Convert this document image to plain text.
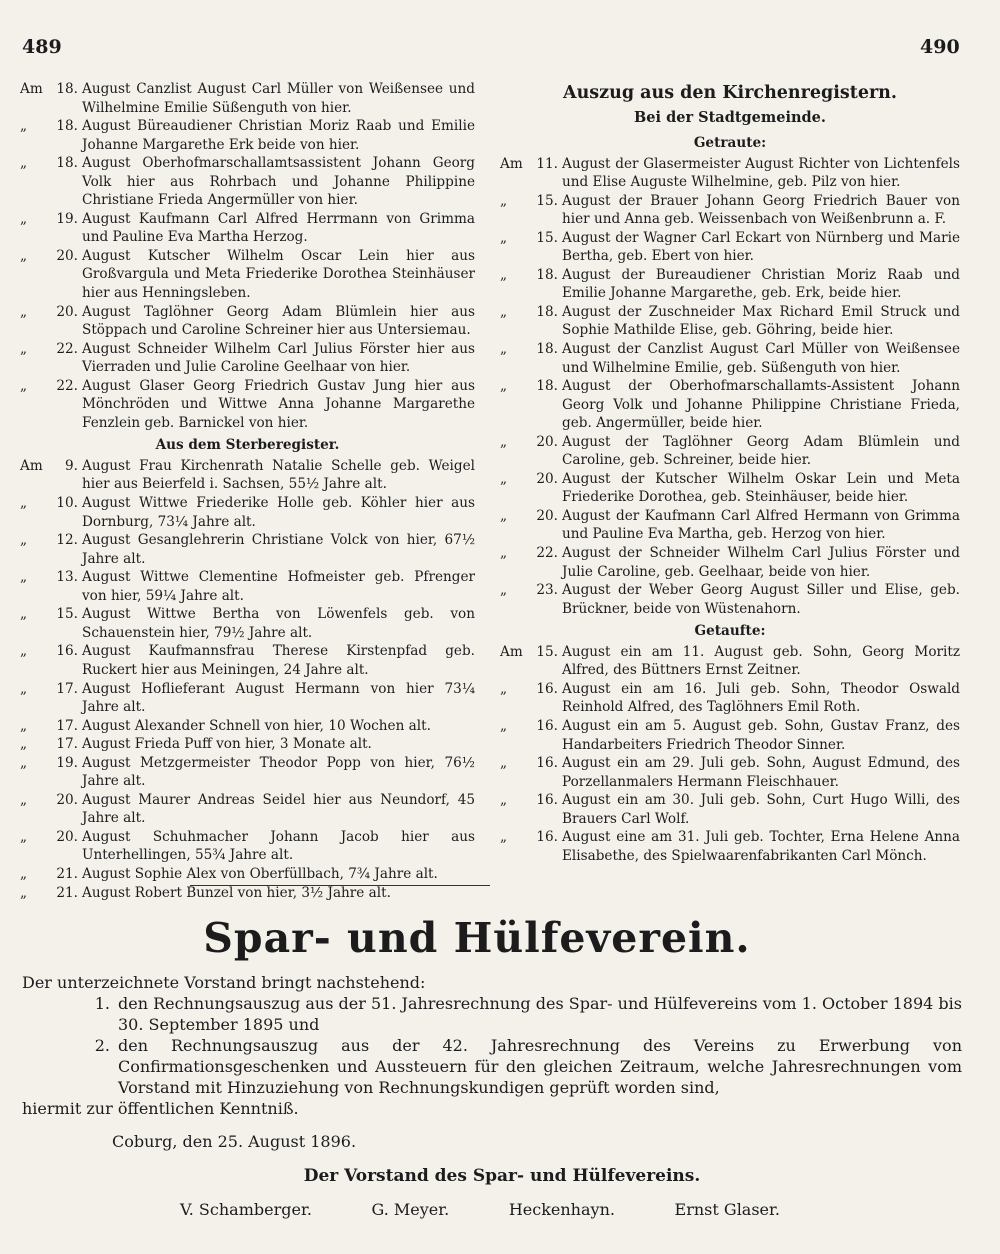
489	490
Am	18. August Canzlist August Carl Müller von Weißensee und Wilhelmine Emilie Süßenguth von hier.
„	18. August Büreaudiener Christian Moriz Raab und Emilie Johanne Margarethe Erk beide von hier.
„	18. August Oberhofmarschallamtsassistent Johann Georg Volk hier aus Rohrbach und Johanne Philippine Christiane Frieda Angermüller von hier.
„	19. August Kaufmann Carl Alfred Herrmann von Grimma und Pauline Eva Martha Herzog.
„	20. August Kutscher Wilhelm Oscar Lein hier aus Großvargula und Meta Friederike Dorothea Steinhäuser hier aus Henningsleben.
„	20. August Taglöhner Georg Adam Blümlein hier aus Stöppach und Caroline Schreiner hier aus Untersiemau.
„	22. August Schneider Wilhelm Carl Julius Förster hier aus Vierraden und Julie Caroline Geelhaar von hier.
„	22. August Glaser Georg Friedrich Gustav Jung hier aus Mönchröden und Wittwe Anna Johanne Margarethe Fenzlein geb. Barnickel von hier.
Aus dem Sterberegister.
Am	9. August Frau Kirchenrath Natalie Schelle geb. Weigel hier aus Beierfeld i. Sachsen, 55½ Jahre alt.
„	10. August Wittwe Friederike Holle geb. Köhler hier aus Dornburg, 73¼ Jahre alt.
„	12. August Gesanglehrerin Christiane Volck von hier, 67½ Jahre alt.
„	13. August Wittwe Clementine Hofmeister geb. Pfrenger von hier, 59¼ Jahre alt.
„	15. August Wittwe Bertha von Löwenfels geb. von Schauenstein hier, 79½ Jahre alt.
„	16. August Kaufmannsfrau Therese Kirstenpfad geb. Ruckert hier aus Meiningen, 24 Jahre alt.
„	17. August Hoflieferant August Hermann von hier 73¼ Jahre alt.
„	17. August Alexander Schnell von hier, 10 Wochen alt.
„	17. August Frieda Puff von hier, 3 Monate alt.
„	19. August Metzgermeister Theodor Popp von hier, 76½ Jahre alt.
„	20. August Maurer Andreas Seidel hier aus Neundorf, 45 Jahre alt.
„	20. August Schuhmacher Johann Jacob hier aus Unterhellingen, 55¾ Jahre alt.
„	21. August Sophie Alex von Oberfüllbach, 7¾ Jahre alt.
„	21. August Robert Bunzel von hier, 3½ Jahre alt.
Auszug aus den Kirchenregistern.
Bei der Stadtgemeinde.
Getraute:
Am	11. August der Glasermeister August Richter von Lichtenfels und Elise Auguste Wilhelmine, geb. Pilz von hier.
„	15. August der Brauer Johann Georg Friedrich Bauer von hier und Anna geb. Weissenbach von Weißenbrunn a. F.
„	15. August der Wagner Carl Eckart von Nürnberg und Marie Bertha, geb. Ebert von hier.
„	18. August der Bureaudiener Christian Moriz Raab und Emilie Johanne Margarethe, geb. Erk, beide hier.
„	18. August der Zuschneider Max Richard Emil Struck und Sophie Mathilde Elise, geb. Göhring, beide hier.
„	18. August der Canzlist August Carl Müller von Weißensee und Wilhelmine Emilie, geb. Süßenguth von hier.
„	18. August der Oberhofmarschallamts-Assistent Johann Georg Volk und Johanne Philippine Christiane Frieda, geb. Angermüller, beide hier.
„	20. August der Taglöhner Georg Adam Blümlein und Caroline, geb. Schreiner, beide hier.
„	20. August der Kutscher Wilhelm Oskar Lein und Meta Friederike Dorothea, geb. Steinhäuser, beide hier.
„	20. August der Kaufmann Carl Alfred Hermann von Grimma und Pauline Eva Martha, geb. Herzog von hier.
„	22. August der Schneider Wilhelm Carl Julius Förster und Julie Caroline, geb. Geelhaar, beide von hier.
„	23. August der Weber Georg August Siller und Elise, geb. Brückner, beide von Wüstenahorn.
Getaufte:
Am	15. August ein am 11. August geb. Sohn, Georg Moritz Alfred, des Büttners Ernst Zeitner.
„	16. August ein am 16. Juli geb. Sohn, Theodor Oswald Reinhold Alfred, des Taglöhners Emil Roth.
„	16. August ein am 5. August geb. Sohn, Gustav Franz, des Handarbeiters Friedrich Theodor Sinner.
„	16. August ein am 29. Juli geb. Sohn, August Edmund, des Porzellanmalers Hermann Fleischhauer.
„	16. August ein am 30. Juli geb. Sohn, Curt Hugo Willi, des Brauers Carl Wolf.
„	16. August eine am 31. Juli geb. Tochter, Erna Helene Anna Elisabethe, des Spielwaarenfabrikanten Carl Mönch.
Spar- und Hülfeverein.

Der unterzeichnete Vorstand bringt nachstehend:

1. den Rechnungsauszug aus der 51. Jahresrechnung des Spar- und Hülfevereins vom 1. October 1894 bis 30. September 1895 und
2. den Rechnungsauszug aus der 42. Jahresrechnung des Vereins zu Erwerbung von Confirmationsgeschenken und Aussteuern für den gleichen Zeitraum, welche Jahresrechnungen vom Vorstand mit Hinzuziehung von Rechnungskundigen geprüft worden sind,

hiermit zur öffentlichen Kenntniß.

Coburg, den 25. August 1896.
Der Vorstand des Spar- und Hülfevereins.
V. Schamberger.	G. Meyer.	Heckenhayn.	Ernst Glaser.
